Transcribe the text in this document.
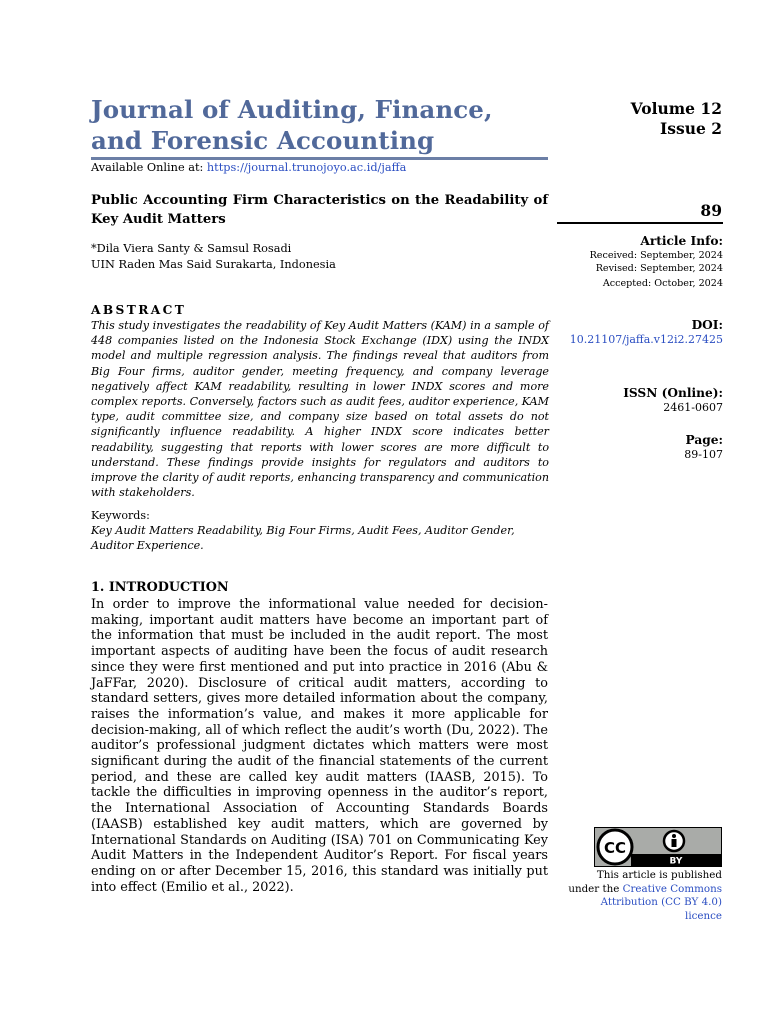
Journal of Auditing, Finance, and Forensic Accounting
Available Online at: https://journal.trunojoyo.ac.id/jaffa
Volume 12
Issue 2
Public Accounting Firm Characteristics on the Readability of Key Audit Matters	89
*Dila Viera Santy & Samsul Rosadi
UIN Raden Mas Said Surakarta, Indonesia
Article Info:
Received: September, 2024
Revised: September, 2024
Accepted: October, 2024
DOI:
10.21107/jaffa.v12i2.27425
ISSN (Online):
2461-0607
Page:
89-107
ABSTRACT
This study investigates the readability of Key Audit Matters (KAM) in a sample of 448 companies listed on the Indonesia Stock Exchange (IDX) using the INDX model and multiple regression analysis. The findings reveal that auditors from Big Four firms, auditor gender, meeting frequency, and company leverage negatively affect KAM readability, resulting in lower INDX scores and more complex reports. Conversely, factors such as audit fees, auditor experience, KAM type, audit committee size, and company size based on total assets do not significantly influence readability. A higher INDX score indicates better readability, suggesting that reports with lower scores are more difficult to understand. These findings provide insights for regulators and auditors to improve the clarity of audit reports, enhancing transparency and communication with stakeholders.
Keywords:
Key Audit Matters Readability, Big Four Firms, Audit Fees, Auditor Gender, Auditor Experience.
1. INTRODUCTION
In order to improve the informational value needed for decision-making, important audit matters have become an important part of the information that must be included in the audit report. The most important aspects of auditing have been the focus of audit research since they were first mentioned and put into practice in 2016 (Abu & JaFFar, 2020). Disclosure of critical audit matters, according to standard setters, gives more detailed information about the company, raises the information’s value, and makes it more applicable for decision-making, all of which reflect the audit’s worth (Du, 2022). The auditor’s professional judgment dictates which matters were most significant during the audit of the financial statements of the current period, and these are called key audit matters (IAASB, 2015). To tackle the difficulties in improving openness in the auditor’s report, the International Association of Accounting Standards Boards (IAASB) established key audit matters, which are governed by International Standards on Auditing (ISA) 701 on Communicating Key Audit Matters in the Independent Auditor’s Report. For fiscal years ending on or after December 15, 2016, this standard was initially put into effect (Emilio et al., 2022).
CC
BY
This article is published under the Creative Commons Attribution (CC BY 4.0) licence
